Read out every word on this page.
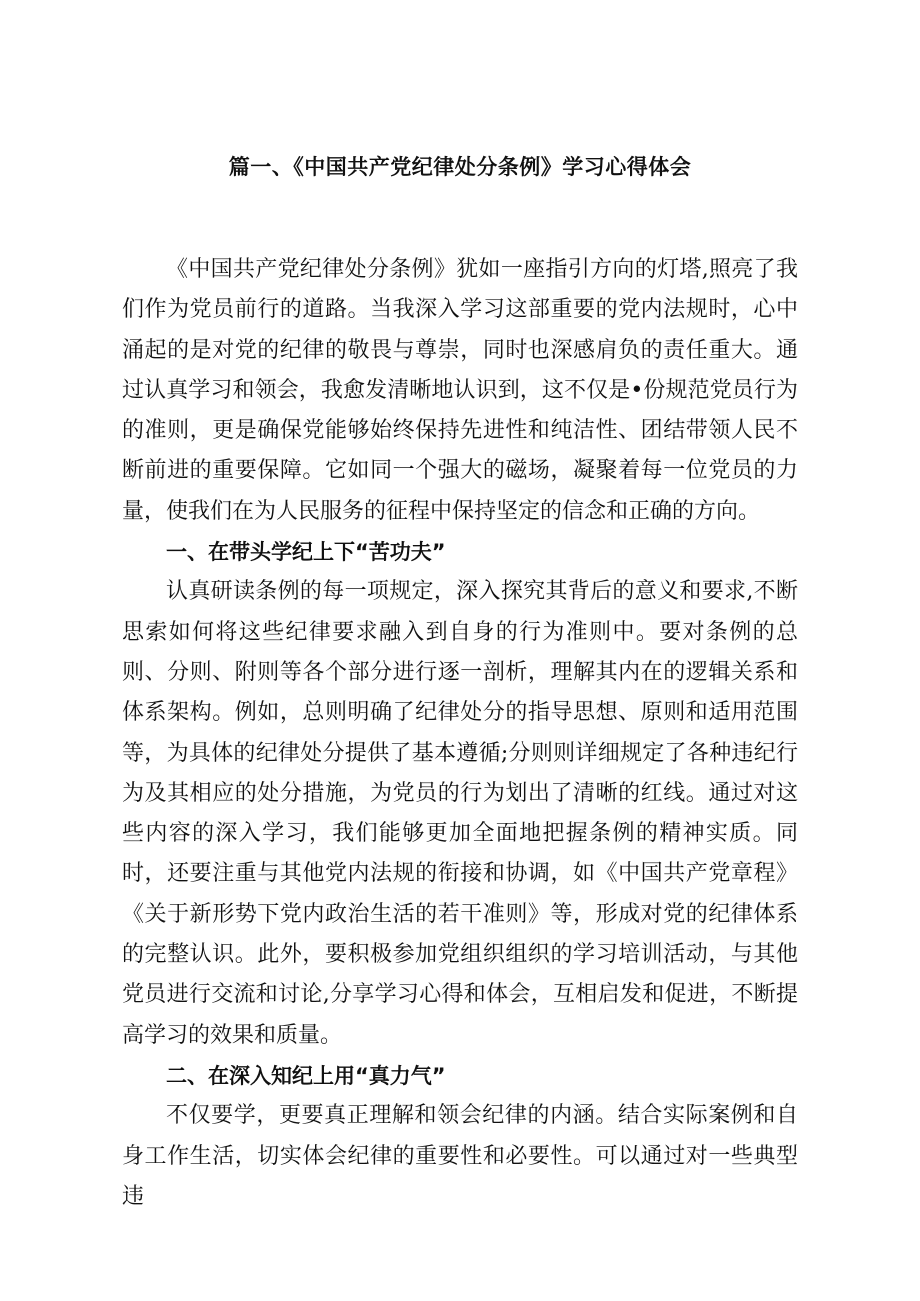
篇一、《中国共产党纪律处分条例》学习心得体会

《中国共产党纪律处分条例》犹如一座指引方向的灯塔,照亮了我们作为党员前行的道路。当我深入学习这部重要的党内法规时，心中涌起的是对党的纪律的敬畏与尊崇，同时也深感肩负的责任重大。通过认真学习和领会，我愈发清晰地认识到，这不仅是•份规范党员行为的准则，更是确保党能够始终保持先进性和纯洁性、团结带领人民不断前进的重要保障。它如同一个强大的磁场，凝聚着每一位党员的力量，使我们在为人民服务的征程中保持坚定的信念和正确的方向。

一、在带头学纪上下“苦功夫”

认真研读条例的每一项规定，深入探究其背后的意义和要求,不断思索如何将这些纪律要求融入到自身的行为准则中。要对条例的总则、分则、附则等各个部分进行逐一剖析，理解其内在的逻辑关系和体系架构。例如，总则明确了纪律处分的指导思想、原则和适用范围等，为具体的纪律处分提供了基本遵循;分则则详细规定了各种违纪行为及其相应的处分措施，为党员的行为划出了清晰的红线。通过对这些内容的深入学习，我们能够更加全面地把握条例的精神实质。同时，还要注重与其他党内法规的衔接和协调，如《中国共产党章程》《关于新形势下党内政治生活的若干准则》等，形成对党的纪律体系的完整认识。此外，要积极参加党组织组织的学习培训活动，与其他党员进行交流和讨论,分享学习心得和体会，互相启发和促进，不断提高学习的效果和质量。

二、在深入知纪上用“真力气”

不仅要学，更要真正理解和领会纪律的内涵。结合实际案例和自身工作生活，切实体会纪律的重要性和必要性。可以通过对一些典型违
